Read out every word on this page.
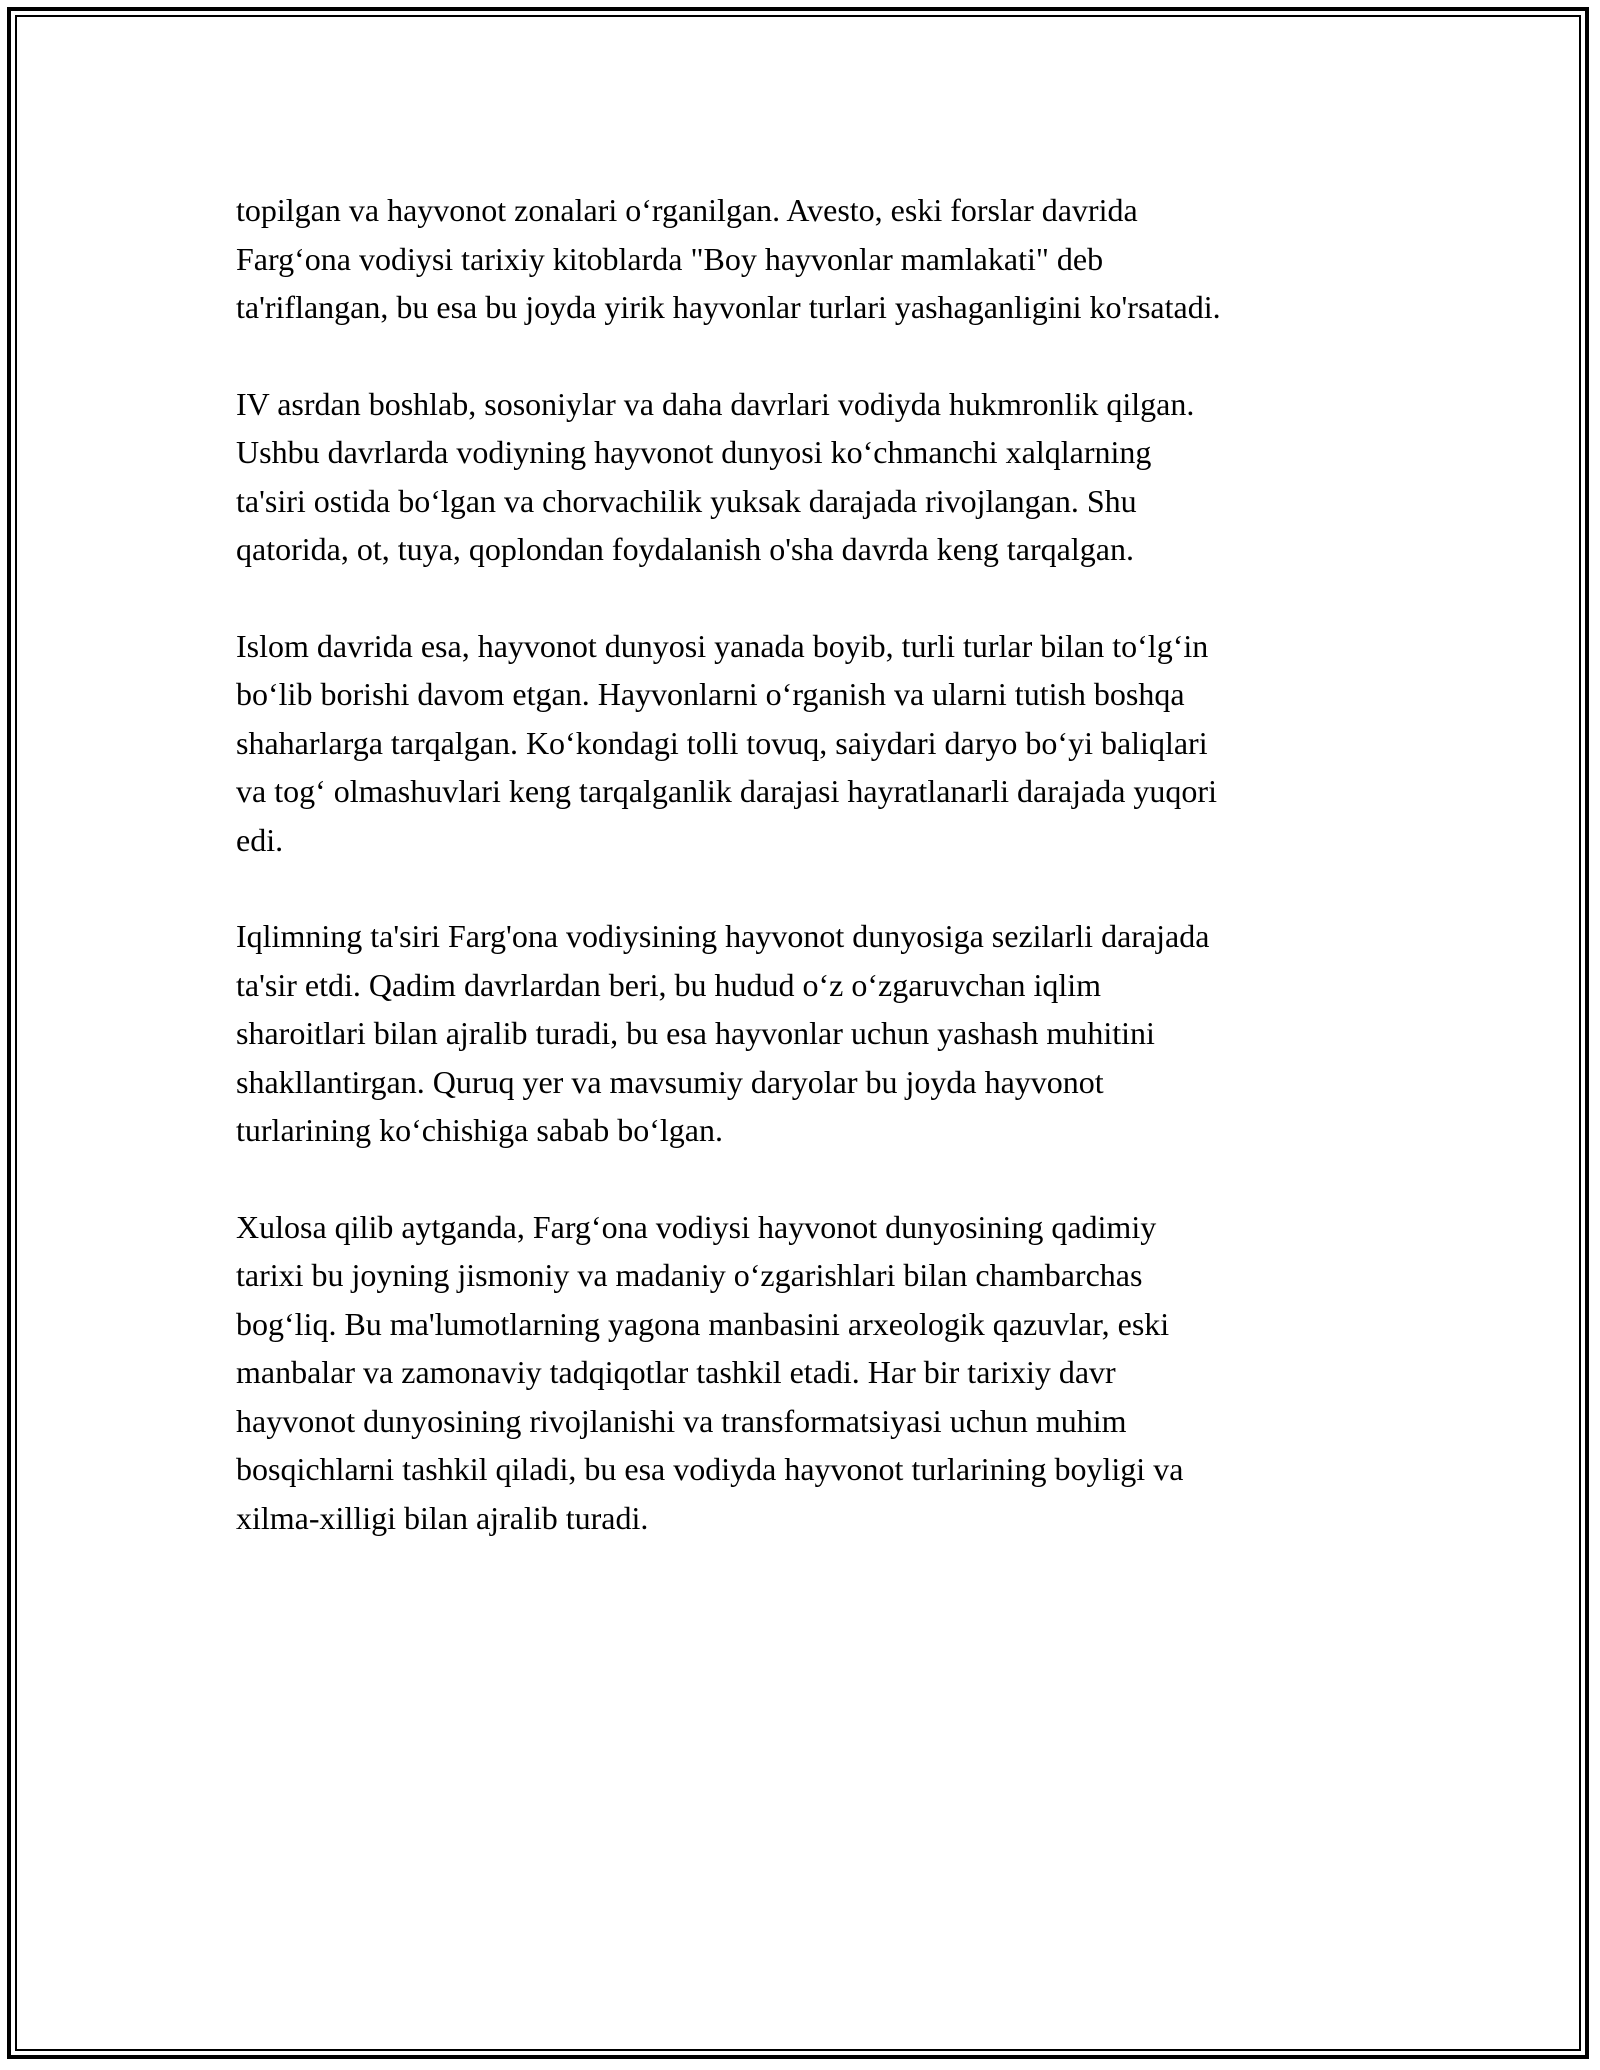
topilgan va hayvonot zonalari o‘rganilgan. Avesto, eski forslar davrida
Farg‘ona vodiysi tarixiy kitoblarda "Boy hayvonlar mamlakati" deb
ta'riflangan, bu esa bu joyda yirik hayvonlar turlari yashaganligini ko'rsatadi.

IV asrdan boshlab, sosoniylar va daha davrlari vodiyda hukmronlik qilgan.
Ushbu davrlarda vodiyning hayvonot dunyosi ko‘chmanchi xalqlarning
ta'siri ostida bo‘lgan va chorvachilik yuksak darajada rivojlangan. Shu
qatorida, ot, tuya, qoplondan foydalanish o'sha davrda keng tarqalgan.

Islom davrida esa, hayvonot dunyosi yanada boyib, turli turlar bilan to‘lg‘in
bo‘lib borishi davom etgan. Hayvonlarni o‘rganish va ularni tutish boshqa
shaharlarga tarqalgan. Ko‘kondagi tolli tovuq, saiydari daryo bo‘yi baliqlari
va tog‘ olmashuvlari keng tarqalganlik darajasi hayratlanarli darajada yuqori
edi.

Iqlimning ta'siri Farg'ona vodiysining hayvonot dunyosiga sezilarli darajada
ta'sir etdi. Qadim davrlardan beri, bu hudud o‘z o‘zgaruvchan iqlim
sharoitlari bilan ajralib turadi, bu esa hayvonlar uchun yashash muhitini
shakllantirgan. Quruq yer va mavsumiy daryolar bu joyda hayvonot
turlarining ko‘chishiga sabab bo‘lgan.

Xulosa qilib aytganda, Farg‘ona vodiysi hayvonot dunyosining qadimiy
tarixi bu joyning jismoniy va madaniy o‘zgarishlari bilan chambarchas
bog‘liq. Bu ma'lumotlarning yagona manbasini arxeologik qazuvlar, eski
manbalar va zamonaviy tadqiqotlar tashkil etadi. Har bir tarixiy davr
hayvonot dunyosining rivojlanishi va transformatsiyasi uchun muhim
bosqichlarni tashkil qiladi, bu esa vodiyda hayvonot turlarining boyligi va
xilma-xilligi bilan ajralib turadi.
